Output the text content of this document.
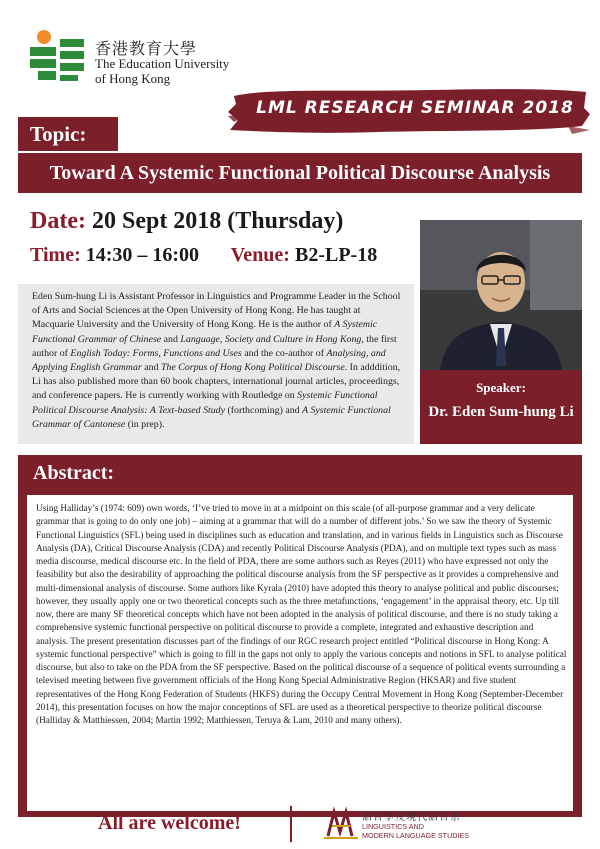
香港教育大學
The Education University
of Hong Kong
LML RESEARCH SEMINAR 2018
Topic:
Toward A Systemic Functional Political Discourse Analysis
Date: 20 Sept 2018 (Thursday)
Time: 14:30 – 16:00 Venue: B2-LP-18
Eden Sum-hung Li is Assistant Professor in Linguistics and Programme Leader in the School of Arts and Social Sciences at the Open University of Hong Kong. He has taught at Macquarie University and the University of Hong Kong. He is the author of A Systemic Functional Grammar of Chinese and Language, Society and Culture in Hong Kong, the first author of English Today: Forms, Functions and Uses and the co-author of Analysing, and Applying English Grammar and The Corpus of Hong Kong Political Discourse. In adddition, Li has also published more than 60 book chapters, international journal articles, proceedings, and conference papers. He is currently working with Routledge on Systemic Functional Political Discourse Analysis: A Text-based Study (forthcoming) and A Systemic Functional Grammar of Cantonese (in prep).
Speaker:
Dr. Eden Sum-hung Li
Abstract:
Using Halliday’s (1974: 609) own words, ‘I’ve tried to move in at a midpoint on this scale (of all-purpose grammar and a very delicate grammar that is going to do only one job) – aiming at a grammar that will do a number of different jobs.’ So we saw the theory of Systemic Functional Linguistics (SFL) being used in disciplines such as education and translation, and in various fields in Linguistics such as Discourse Analysis (DA), Critical Discourse Analysis (CDA) and recently Political Discourse Analysis (PDA), and on multiple text types such as mass media discourse, medical discourse etc. In the field of PDA, there are some authors such as Reyes (2011) who have expressed not only the feasibility but also the desirability of approaching the political discourse analysis from the SF perspective as it provides a comprehensive and multi-dimensional analysis of discourse. Some authors like Kyrala (2010) have adopted this theory to analyse political and public discourses; however, they usually apply one or two theoretical concepts such as the three metafunctions, ‘engagement’ in the appraisal theory, etc. Up till now, there are many SF theoretical concepts which have not been adopted in the analysis of political discourse, and there is no study taking a comprehensive systemic functional perspective on political discourse to provide a complete, integrated and exhaustive description and analysis. The present presentation discusses part of the findings of our RGC research project entitled “Political discourse in Hong Kong: A systemic functional perspective” which is going to fill in the gaps not only to apply the various concepts and notions in SFL to analyse political discourse, but also to take on the PDA from the SF perspective. Based on the political discourse of a sequence of political events surrounding a televised meeting between five government officials of the Hong Kong Special Administrative Region (HKSAR) and five student representatives of the Hong Kong Federation of Students (HKFS) during the Occupy Central Movement in Hong Kong (September-December 2014), this presentation focuses on how the major conceptions of SFL are used as a theoretical perspective to theorize political discourse (Halliday & Matthiessen, 2004; Martin 1992; Matthiessen, Teruya & Lam, 2010 and many others).
All are welcome!	語言學及現代語言系
LINGUISTICS AND
MODERN LANGUAGE STUDIES
